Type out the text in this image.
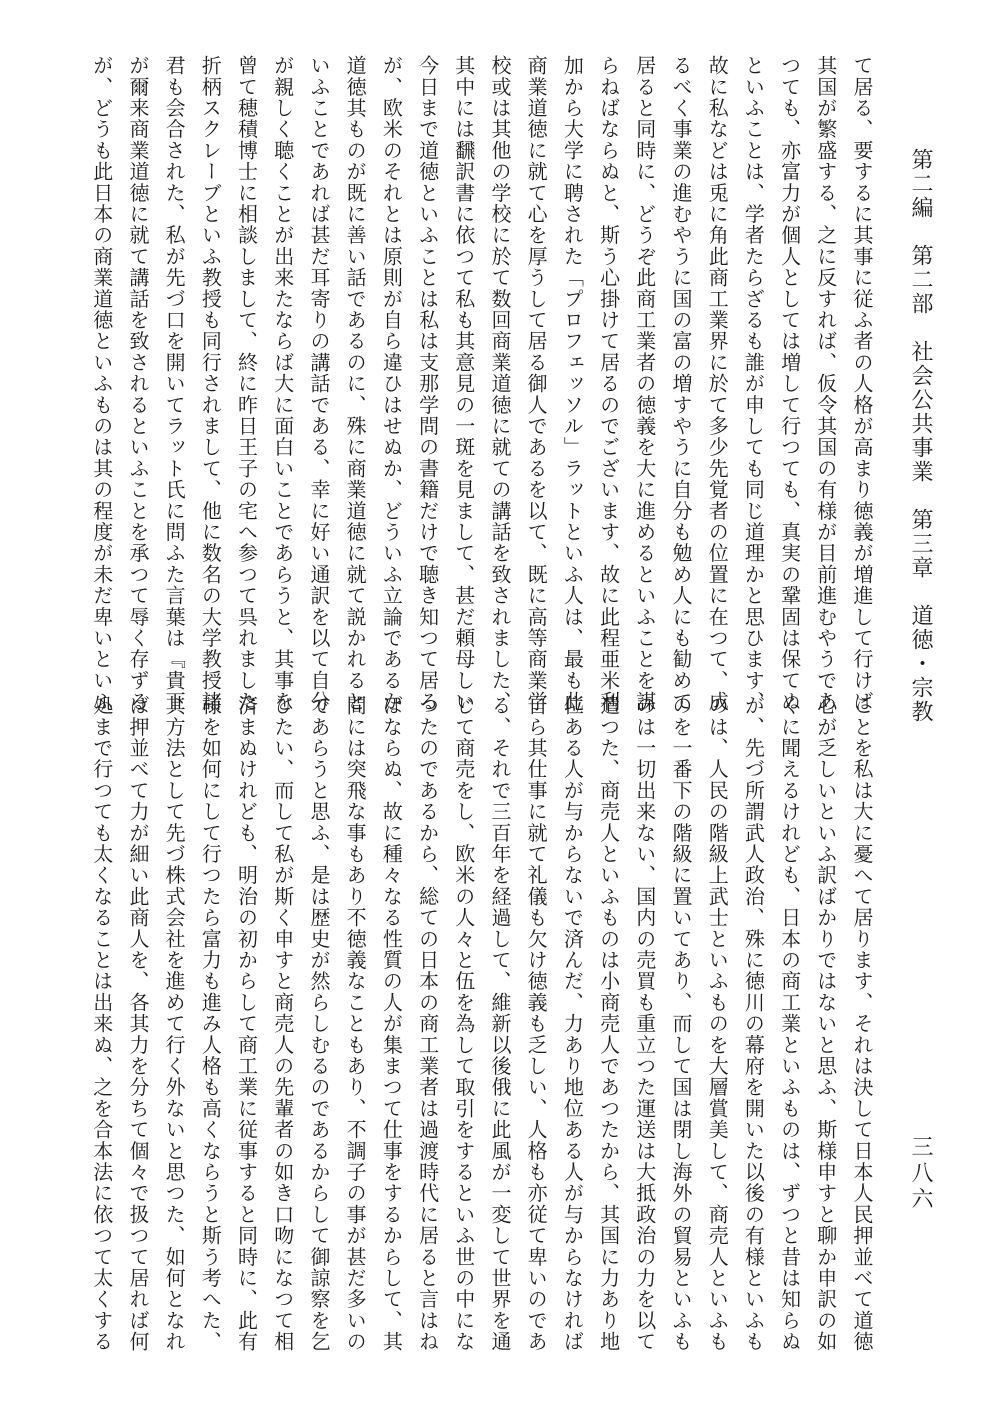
第二編　第二部　社会公共事業　第三章　道徳・宗教
三八六

て居る、要するに其事に従ふ者の人格が高まり徳義が増進して行けば

其国が繁盛する、之に反すれば、仮令其国の有様が目前進むやうであ

つても、亦富力が個人としては増して行つても、真実の鞏固は保てぬ

といふことは、学者たらざるも誰が申しても同じ道理かと思ひます、

故に私などは兎に角此商工業界に於て多少先覚者の位置に在つて、成

るべく事業の進むやうに国の富の増すやうに自分も勉め人にも勧めて

居ると同時に、どうぞ此商工業者の徳義を大に進めるといふことを謀

らねばならぬと、斯う心掛けて居るのでございます、故に此程亜米利

加から大学に聘された「プロフェッソル」ラットといふ人は、最も此

商業道徳に就て心を厚うして居る御人であるを以て、既に高等商業学

校或は其他の学校に於て数回商業道徳に就ての講話を致されました、

其中には飜訳書に依つて私も其意見の一斑を見まして、甚だ頼母しい

今日まで道徳といふことは私は支那学問の書籍だけで聴き知つて居る

が、欧米のそれとは原則が自ら違ひはせぬか、どういふ立論であるか

道徳其ものが既に善い話であるのに、殊に商業道徳に就て説かれると

いふことであれば甚だ耳寄りの講話である、幸に好い通訳を以て自分

が親しく聴くことが出来たならば大に面白いことであらうと、其事を

曾て穂積博士に相談しまして、終に昨日王子の宅へ参つて呉れました

折柄スクレーブといふ教授も同行されまして、他に数名の大学教授諸

君も会合された、私が先づ口を開いてラット氏に問ふた言葉は『貴下

が爾来商業道徳に就て講話を致されるといふことを承つて辱く存ずる

が、どうも此日本の商業道徳といふものは其の程度が未だ卑いといふ

ことを私は大に憂へて居ります、それは決して日本人民押並べて道徳

心が乏しいといふ訳ばかりではないと思ふ、斯様申すと聊か申訳の如

くに聞えるけれども、日本の商工業といふものは、ずつと昔は知らぬ

が、先づ所謂武人政治、殊に徳川の幕府を開いた以後の有様といふも

のは、人民の階級上武士といふものを大層賞美して、商売人といふも

のを一番下の階級に置いてあり、而して国は閉し海外の貿易といふも

のは一切出来ない、国内の売買も重立つた運送は大抵政治の力を以て

遣つた、商売人といふものは小商売人であつたから、其国に力あり地

位ある人が与からないで済んだ、力あり地位ある人が与からなければ

自ら其仕事に就て礼儀も欠け徳義も乏しい、人格も亦従て卑いのであ

る、それで三百年を経過して、維新以後俄に此風が一変して世界を通

じて商売をし、欧米の人々と伍を為して取引をするといふ世の中にな

つたのであるから、総ての日本の商工業者は過渡時代に居ると言はね

ばならぬ、故に種々なる性質の人が集まつて仕事をするからして、其

間には突飛な事もあり不徳義なこともあり、不調子の事が甚だ多いの

であらうと思ふ、是は歴史が然らしむるのであるからして御諒察を乞

ひたい、而して私が斯く申すと商売人の先輩者の如き口吻になつて相

済まぬけれども、明治の初からして商工業に従事すると同時に、此有

様を如何にして行つたら富力も進み人格も高くならうと斯う考へた、

其方法として先づ株式会社を進めて行く外ないと思つた、如何となれ

ば押並べて力が細い此商人を、各其力を分ちて個々で扱つて居れば何

処まで行つても太くなることは出来ぬ、之を合本法に依つて太くする
